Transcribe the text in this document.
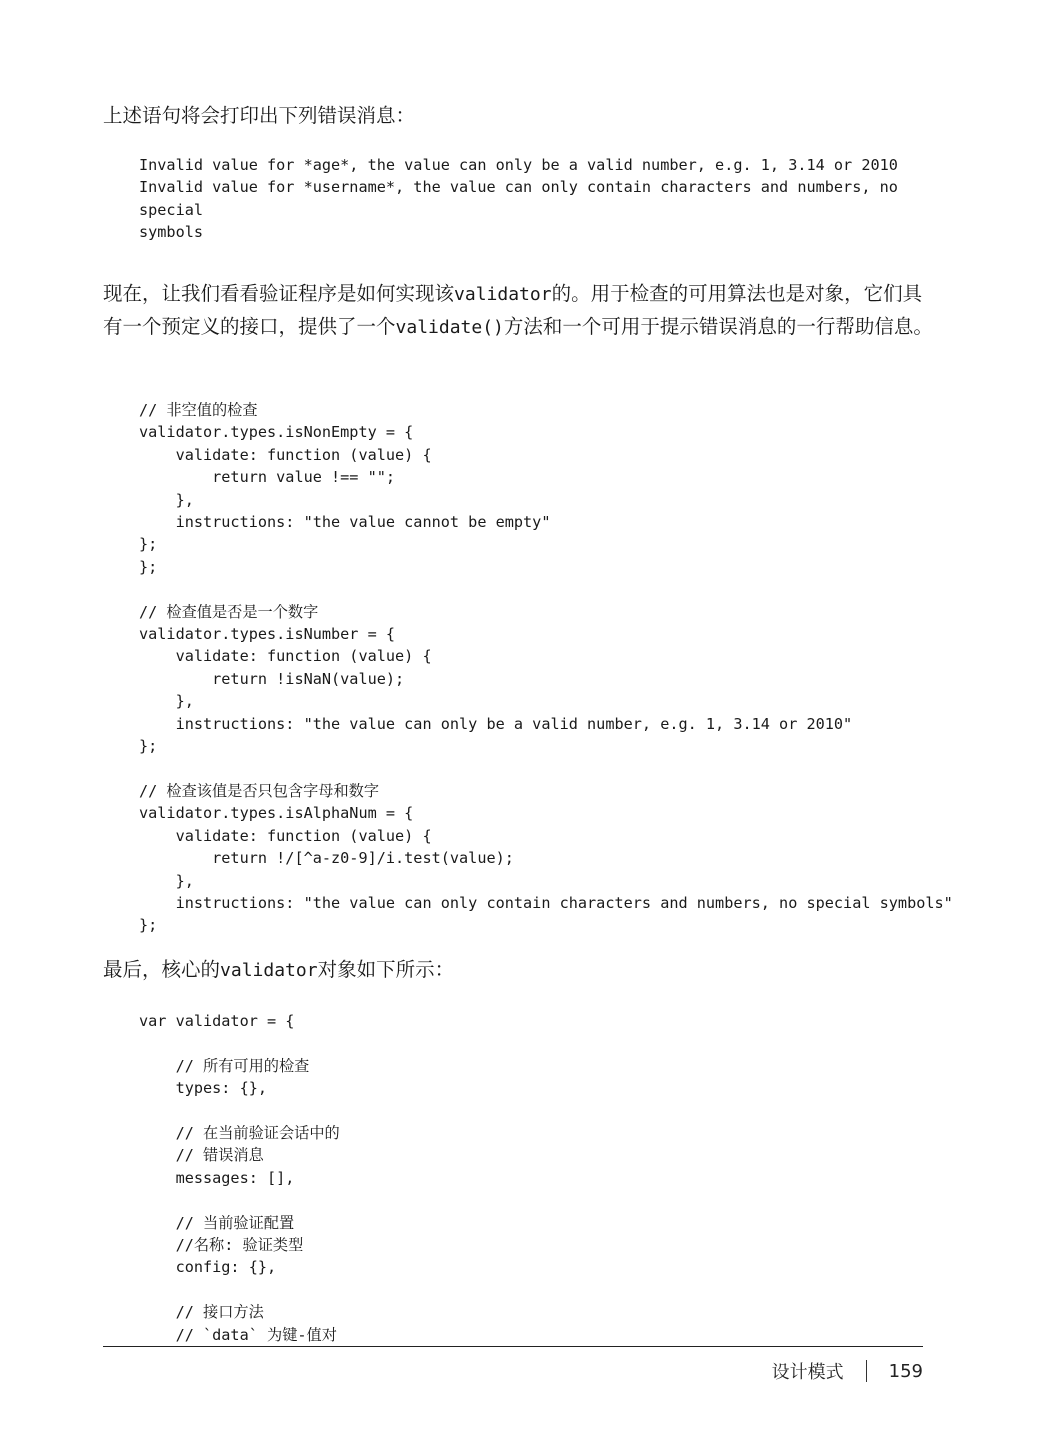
上述语句将会打印出下列错误消息：

Invalid value for *age*, the value can only be a valid number, e.g. 1, 3.14 or 2010
Invalid value for *username*, the value can only contain characters and numbers, no
special
symbols

现在，让我们看看验证程序是如何实现该validator的。用于检查的可用算法也是对象，它们具有一个预定义的接口，提供了一个validate()方法和一个可用于提示错误消息的一行帮助信息。

// 非空值的检查
validator.types.isNonEmpty = {
validate: function (value) {
return value !== "";
},
instructions: "the value cannot be empty"
};
};

// 检查值是否是一个数字
validator.types.isNumber = {
validate: function (value) {
return !isNaN(value);
},
instructions: "the value can only be a valid number, e.g. 1, 3.14 or 2010"
};

// 检查该值是否只包含字母和数字
validator.types.isAlphaNum = {
validate: function (value) {
return !/[^a-z0-9]/i.test(value);
},
instructions: "the value can only contain characters and numbers, no special symbols"
};

最后，核心的validator对象如下所示：

var validator = {

// 所有可用的检查
types: {},

// 在当前验证会话中的
// 错误消息
messages: [],

// 当前验证配置
//名称: 验证类型
config: {},

// 接口方法
// `data` 为键-值对
设计模式	159
